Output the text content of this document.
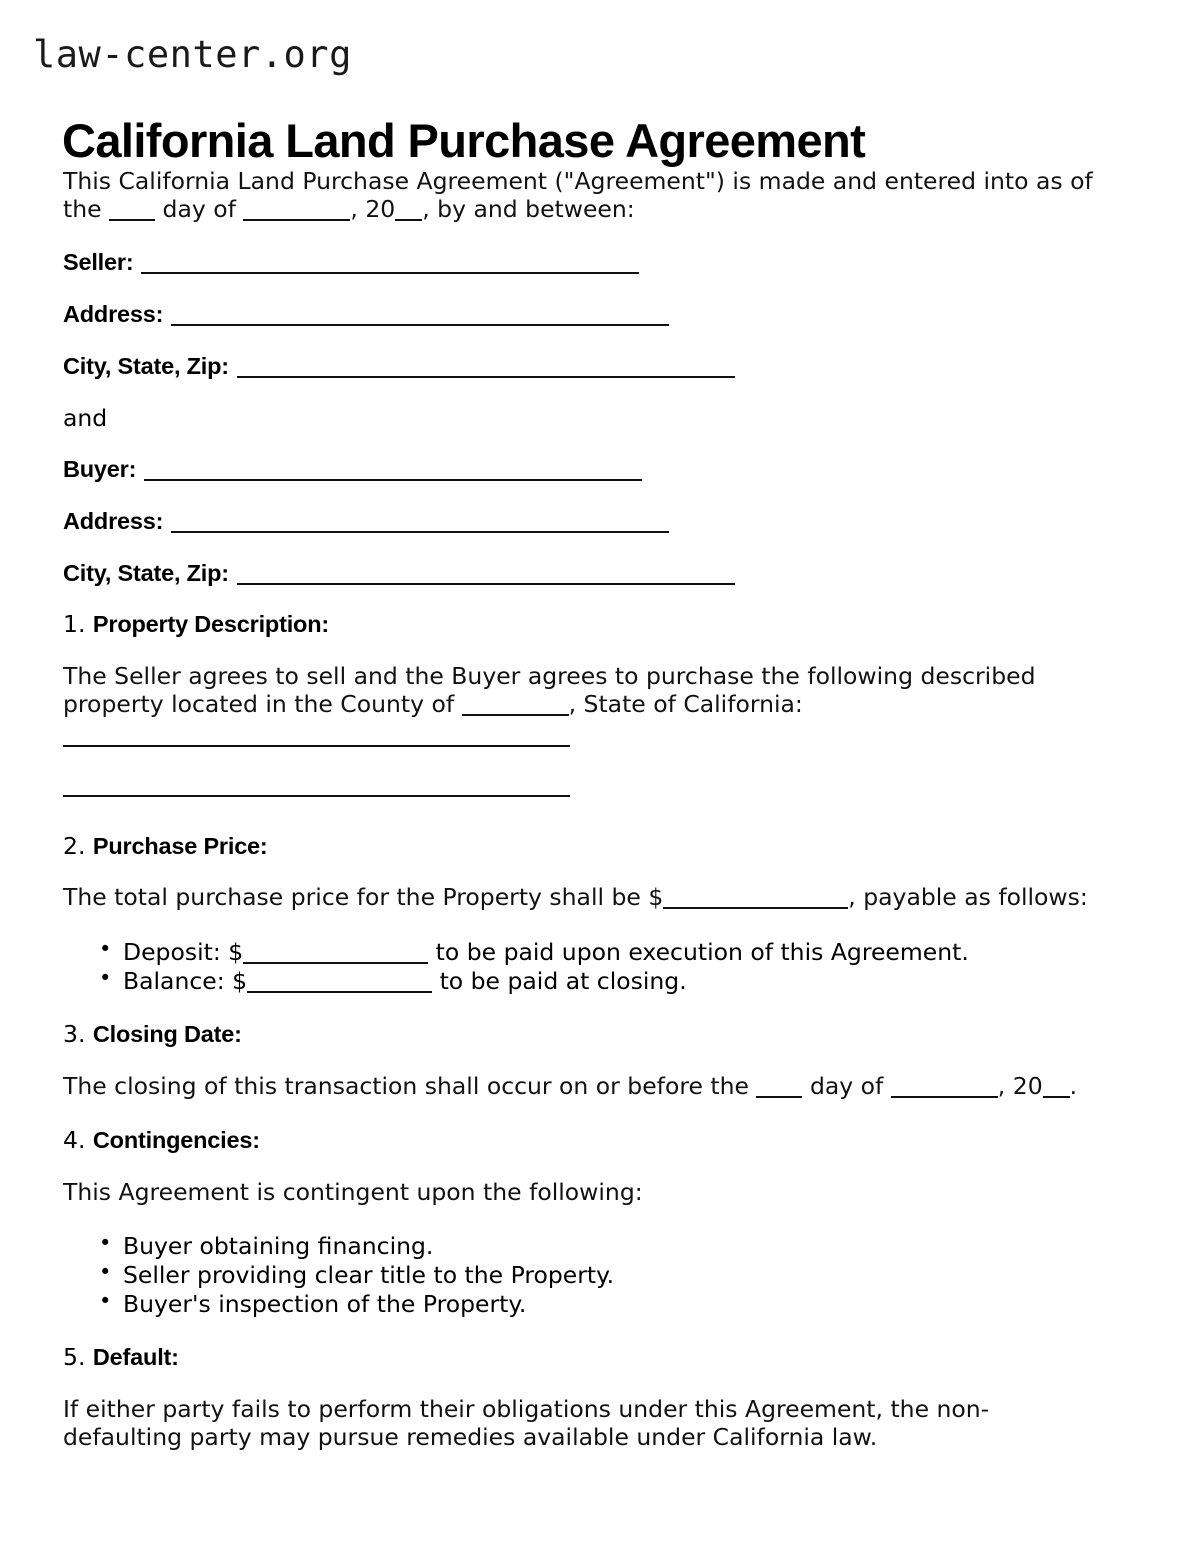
law-center.org
California Land Purchase Agreement

This California Land Purchase Agreement ("Agreement") is made and entered into as of the	day of	, 20 , by and between:

Seller:
Address:
City, State, Zip:
and
Buyer:
Address:
City, State, Zip:
1. Property Description:

The Seller agrees to sell and the Buyer agrees to purchase the following described property located in the County of	, State of California:

2. Purchase Price:

The total purchase price for the Property shall be $	, payable as follows:

• Deposit: $	to be paid upon execution of this Agreement.
• Balance: $	to be paid at closing.
3. Closing Date:

The closing of this transaction shall occur on or before the	day of	, 20 .

4. Contingencies:

This Agreement is contingent upon the following:

• Buyer obtaining financing.
• Seller providing clear title to the Property.
• Buyer's inspection of the Property.
5. Default:

If either party fails to perform their obligations under this Agreement, the non-defaulting party may pursue remedies available under California law.
